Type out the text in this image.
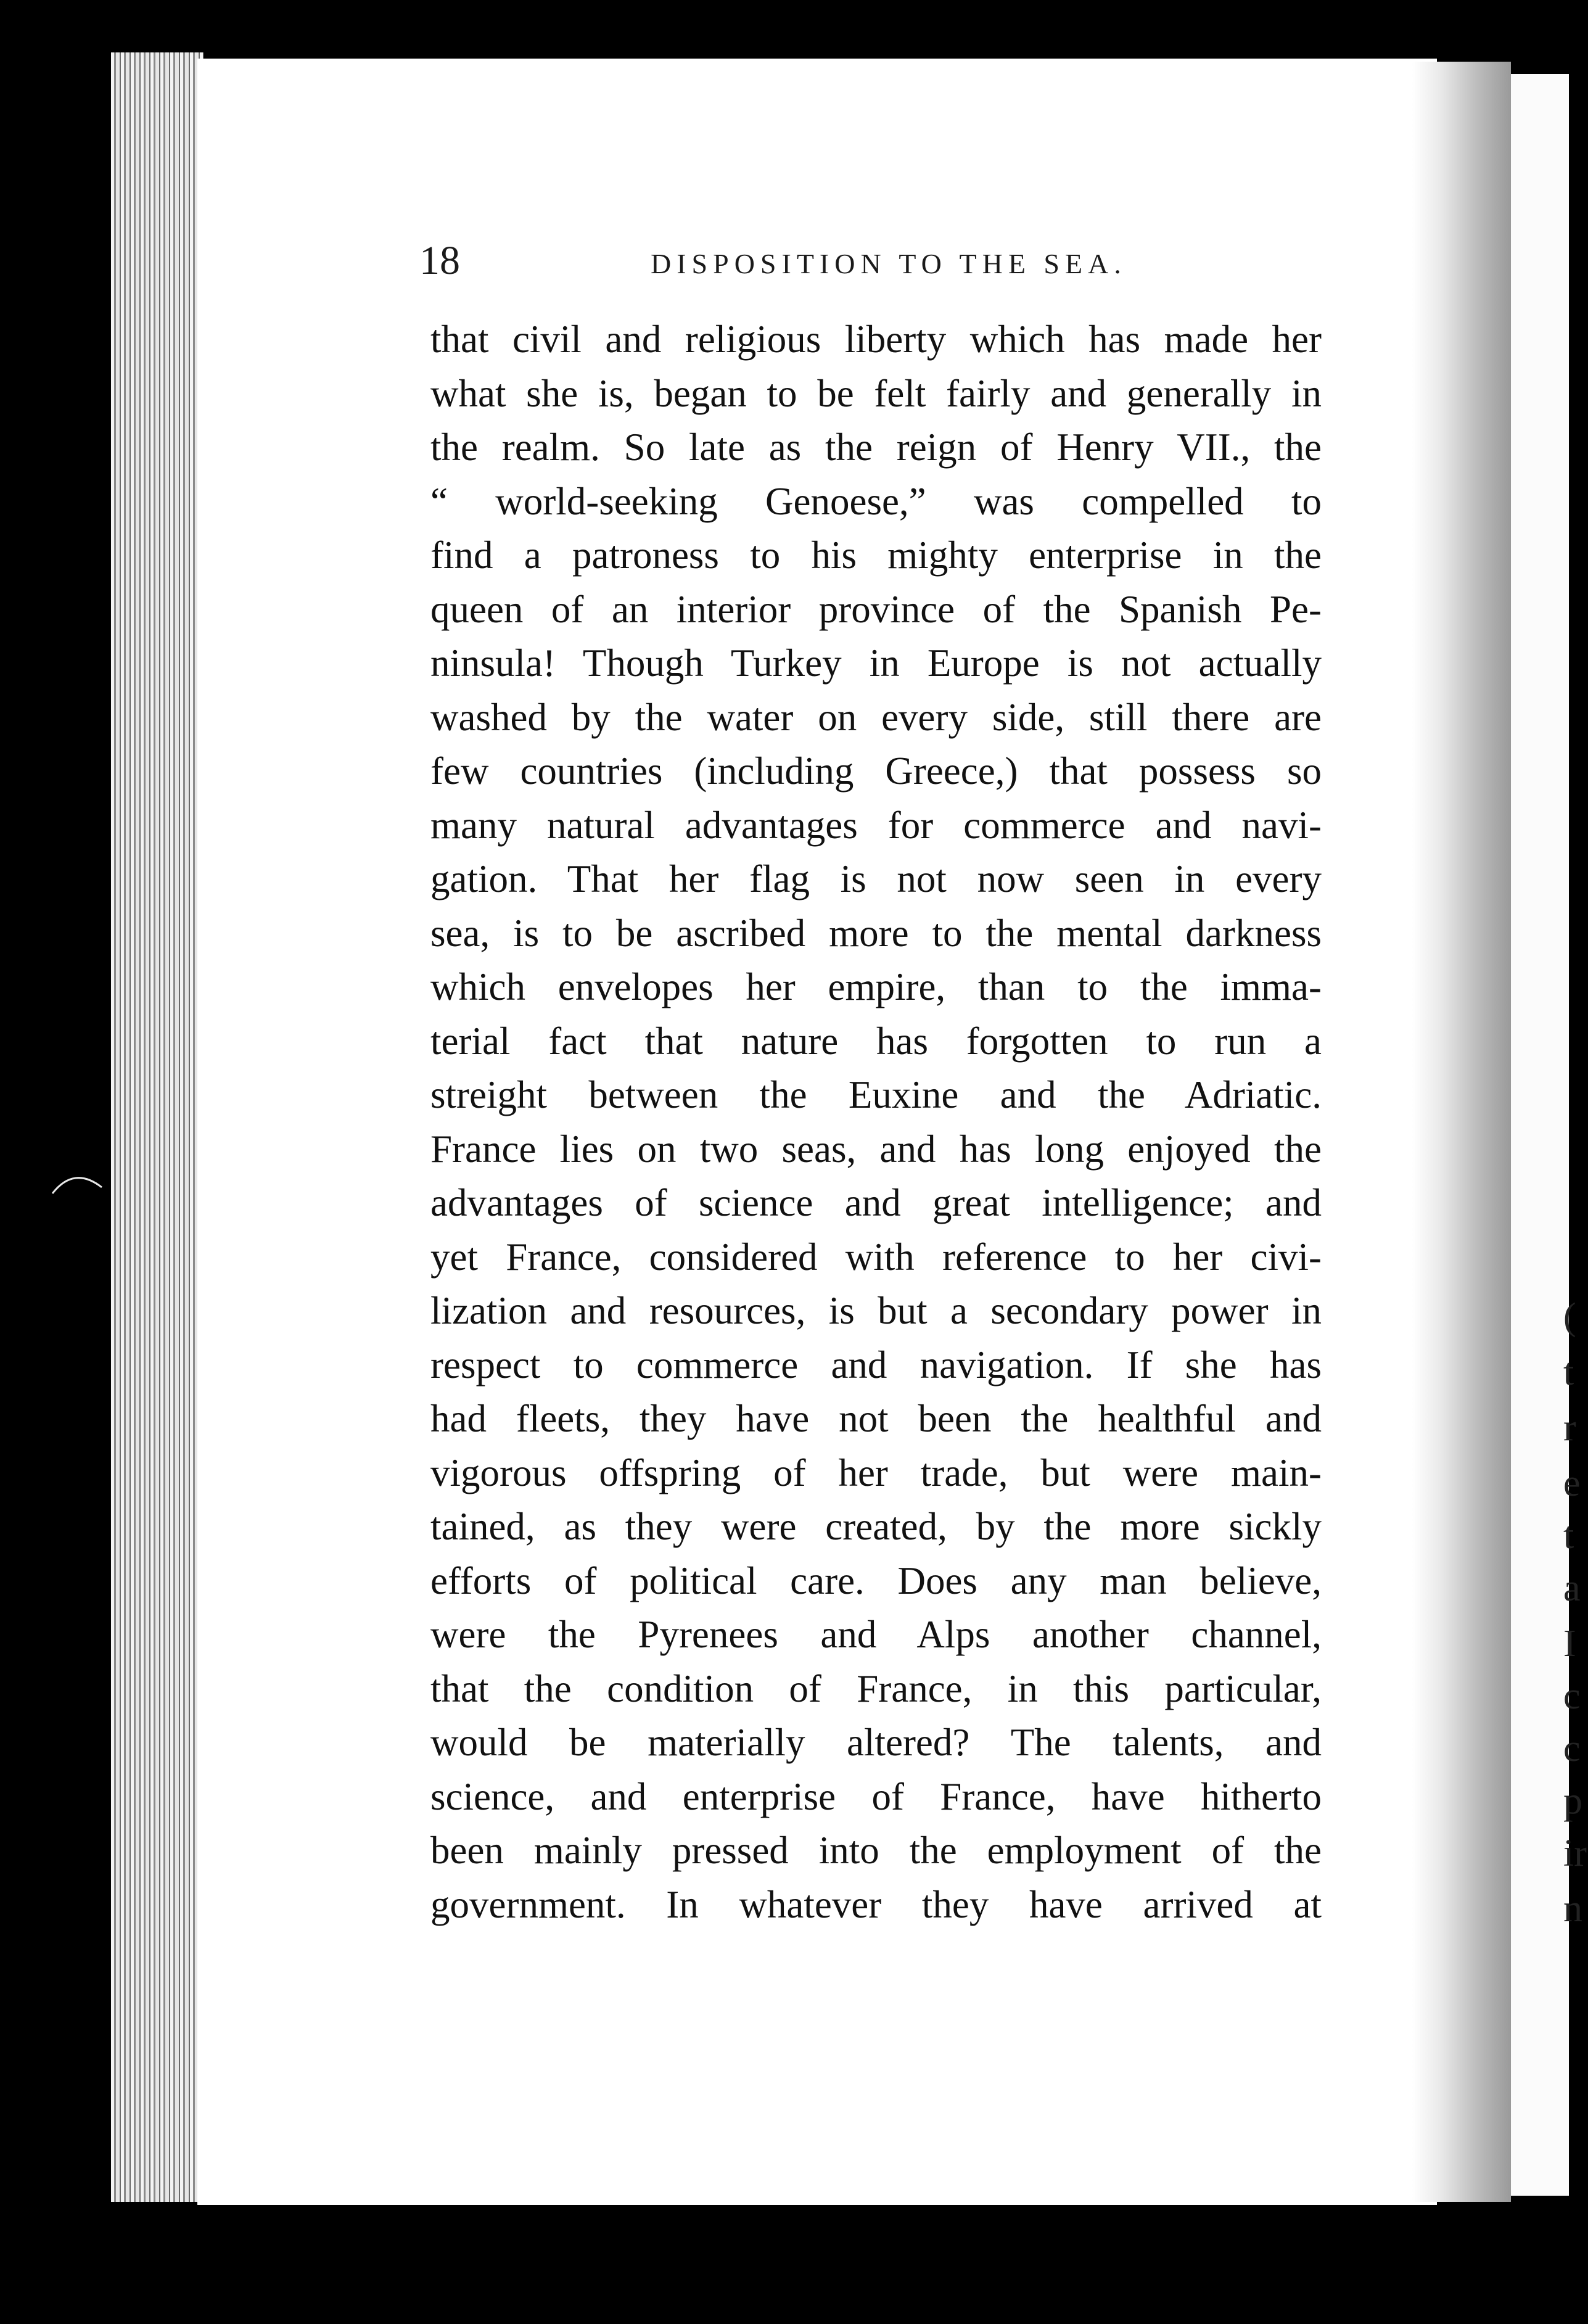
18	DISPOSITION TO THE SEA.
that civil and religious liberty which has made her
what she is, began to be felt fairly and generally in
the realm. So late as the reign of Henry VII., the
“ world-seeking Genoese,” was compelled to
find a patroness to his mighty enterprise in the
queen of an interior province of the Spanish Pe-
ninsula! Though Turkey in Europe is not actually
washed by the water on every side, still there are
few countries (including Greece,) that possess so
many natural advantages for commerce and navi-
gation. That her flag is not now seen in every
sea, is to be ascribed more to the mental darkness
which envelopes her empire, than to the imma-
terial fact that nature has forgotten to run a
streight between the Euxine and the Adriatic.
France lies on two seas, and has long enjoyed the
advantages of science and great intelligence; and
yet France, considered with reference to her civi-
lization and resources, is but a secondary power in
respect to commerce and navigation. If she has
had fleets, they have not been the healthful and
vigorous offspring of her trade, but were main-
tained, as they were created, by the more sickly
efforts of political care. Does any man believe,
were the Pyrenees and Alps another channel,
that the condition of France, in this particular,
would be materially altered? The talents, and
science, and enterprise of France, have hitherto
been mainly pressed into the employment of the
government. In whatever they have arrived at
(
t
r
e
t
a
I
c
c
p
ir
n
